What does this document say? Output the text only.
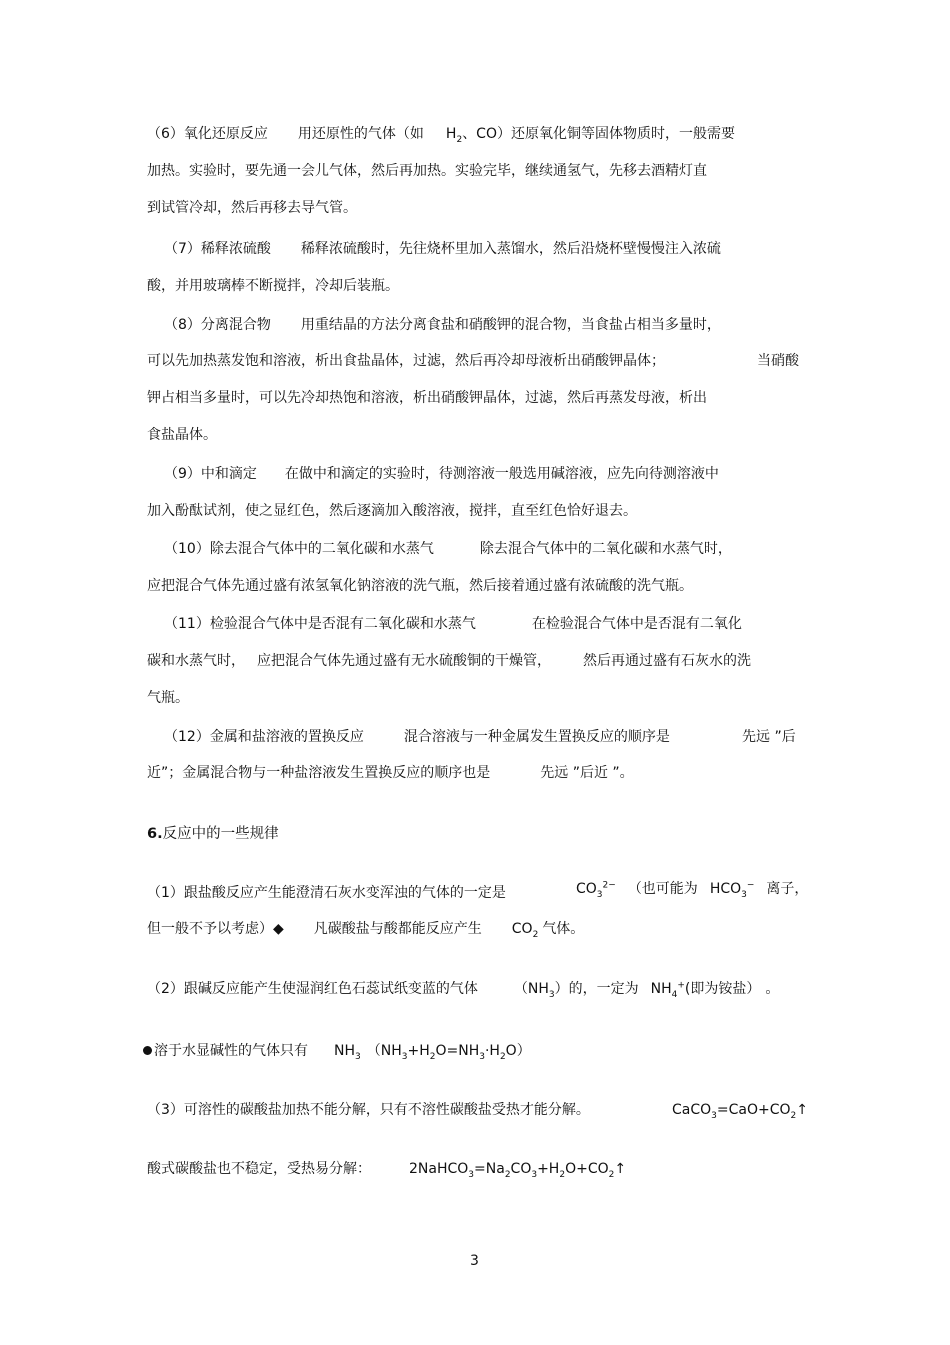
（6）氧化还原反应 用还原性的气体（如 $H_2$、CO）还原氧化铜等固体物质时，一般需要
加热。实验时，要先通一会儿气体，然后再加热。实验完毕，继续通氢气，先移去酒精灯直
到试管冷却，然后再移去导气管。
（7）稀释浓硫酸 稀释浓硫酸时，先往烧杯里加入蒸馏水，然后沿烧杯壁慢慢注入浓硫
酸，并用玻璃棒不断搅拌，冷却后装瓶。
（8）分离混合物 用重结晶的方法分离食盐和硝酸钾的混合物，当食盐占相当多量时，
可以先加热蒸发饱和溶液，析出食盐晶体，过滤，然后再冷却母液析出硝酸钾晶体；	当硝酸
钾占相当多量时，可以先冷却热饱和溶液，析出硝酸钾晶体，过滤，然后再蒸发母液，析出
食盐晶体。
（9）中和滴定 在做中和滴定的实验时，待测溶液一般选用碱溶液，应先向待测溶液中
加入酚酞试剂，使之显红色，然后逐滴加入酸溶液，搅拌，直至红色恰好退去。
（10）除去混合气体中的二氧化碳和水蒸气	除去混合气体中的二氧化碳和水蒸气时，
应把混合气体先通过盛有浓氢氧化钠溶液的洗气瓶，然后接着通过盛有浓硫酸的洗气瓶。
（11）检验混合气体中是否混有二氧化碳和水蒸气	在检验混合气体中是否混有二氧化
碳和水蒸气时， 应把混合气体先通过盛有无水硫酸铜的干燥管， 然后再通过盛有石灰水的洗
气瓶。
（12）金属和盐溶液的置换反应	混合溶液与一种金属发生置换反应的顺序是	先远 ”后
近”；金属混合物与一种盐溶液发生置换反应的顺序也是	先远 ”后近 ”。
6.反应中的一些规律
（1）跟盐酸反应产生能澄清石灰水变浑浊的气体的一定是	$CO_3^{2-}$ （也可能为 $HCO_3^-$ 离子，
但一般不予以考虑）◆ 凡碳酸盐与酸都能反应产生 $CO_2$ 气体。
（2）跟碱反应能产生使湿润红色石蕊试纸变蓝的气体	$(NH_3)$的，一定为 $NH_4^+$(即为铵盐） 。
溶于水显碱性的气体只有 $NH_3$ $(NH_3+H_2O=NH_3\cdot H_2O)$
（3）可溶性的碳酸盐加热不能分解，只有不溶性碳酸盐受热才能分解。	$CaCO_3=CaO+CO_2↑$
酸式碳酸盐也不稳定，受热易分解：	$2NaHCO_3=Na_2CO_3+H_2O+CO_2↑$
3
